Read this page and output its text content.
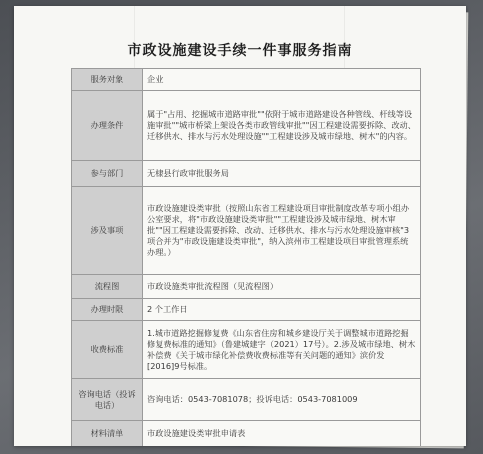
市政设施建设手续一件事服务指南
服务对象	企业
办理条件	属于"占用、挖掘城市道路审批""依附于城市道路建设各种管线、杆线等设施审批""城市桥梁上架设各类市政管线审批""因工程建设需要拆除、改动、迁移供水、排水与污水处理设施""工程建设涉及城市绿地、树木"的内容。
参与部门	无棣县行政审批服务局
涉及事项	市政设施建设类审批（按照山东省工程建设项目审批制度改革专项小组办公室要求，将"市政设施建设类审批""工程建设涉及城市绿地、树木审批""因工程建设需要拆除、改动、迁移供水、排水与污水处理设施审核"3项合并为"市政设施建设类审批"，纳入滨州市工程建设项目审批管理系统办理。）
流程图	市政设施类审批流程图（见流程图）
办理时限	2 个工作日
收费标准	1.城市道路挖掘修复费《山东省住房和城乡建设厅关于调整城市道路挖掘修复费标准的通知》（鲁建城建字（2021）17号）。2.涉及城市绿地、树木补偿费《关于城市绿化补偿费收费标准等有关问题的通知》滨价发[2016]9号标准。
咨询电话（投诉电话）	咨询电话：0543-7081078；投诉电话：0543-7081009
材料清单	市政设施建设类审批申请表
